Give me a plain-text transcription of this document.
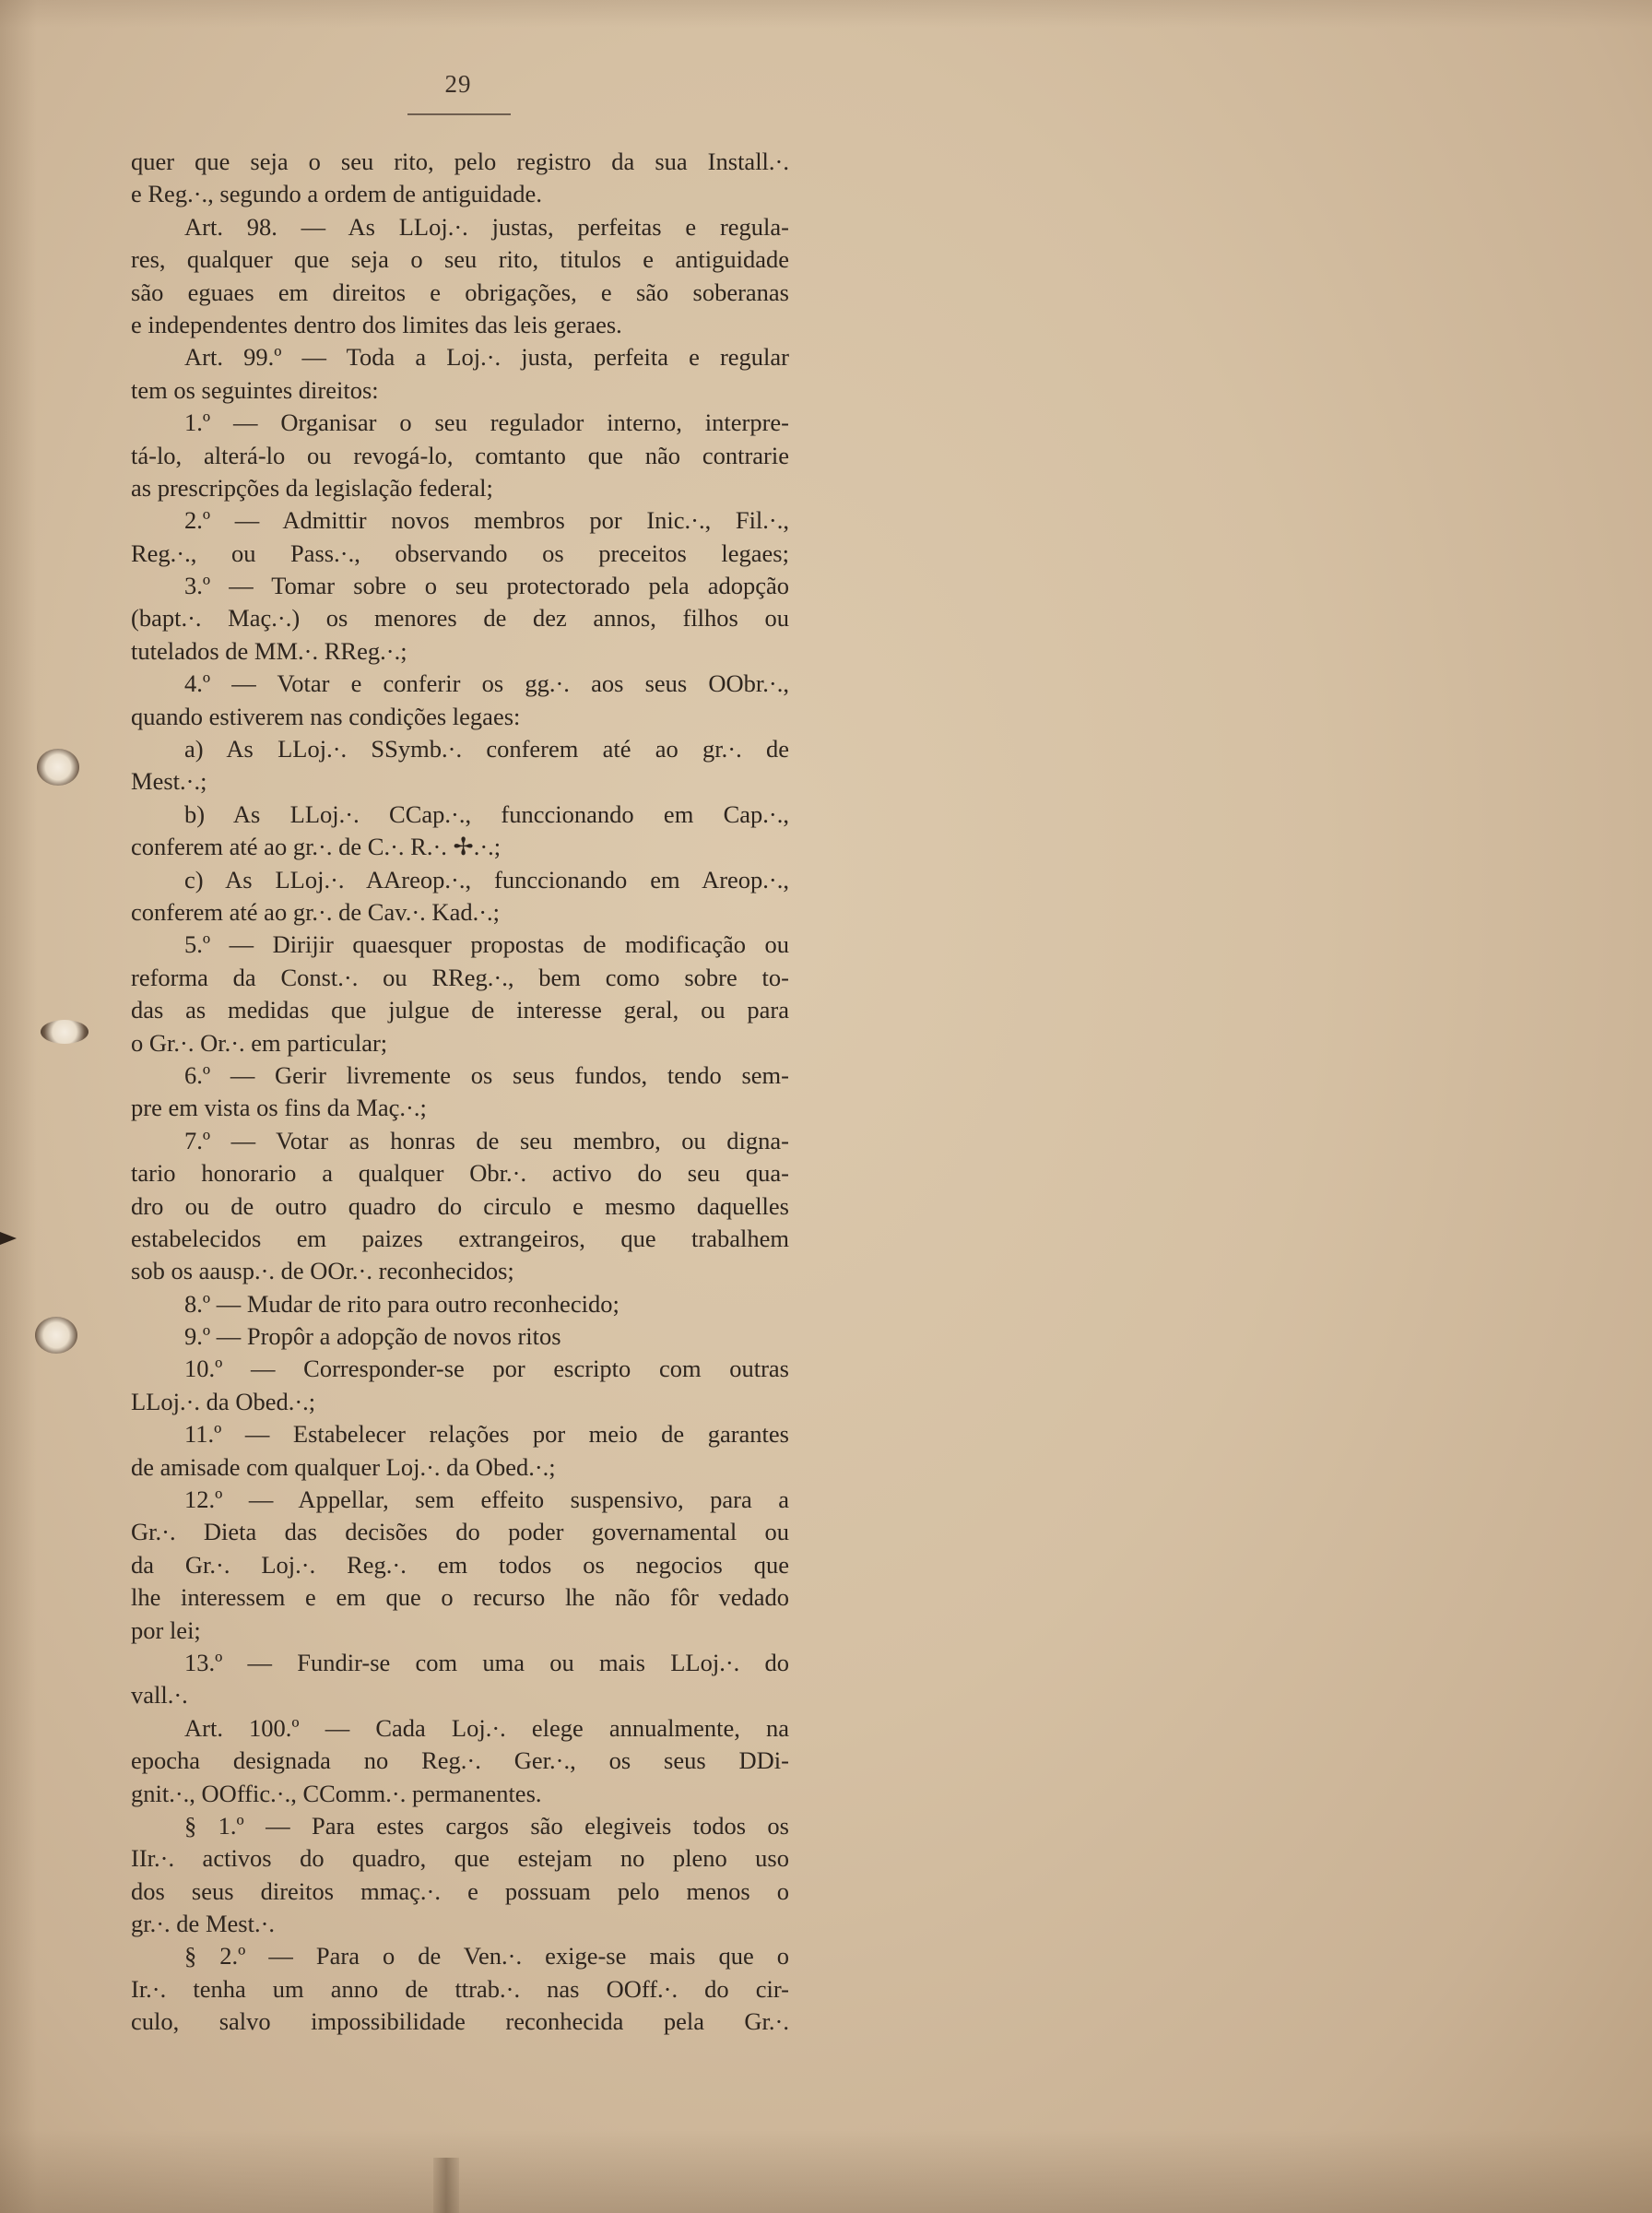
29
quer que seja o seu rito, pelo registro da sua Install.·.
e Reg.·., segundo a ordem de antiguidade.
Art. 98. — As LLoj.·. justas, perfeitas e regula-
res, qualquer que seja o seu rito, titulos e antiguidade
são eguaes em direitos e obrigações, e são soberanas
e independentes dentro dos limites das leis geraes.
Art. 99.º — Toda a Loj.·. justa, perfeita e regular
tem os seguintes direitos:
1.º — Organisar o seu regulador interno, interpre-
tá-lo, alterá-lo ou revogá-lo, comtanto que não contrarie
as prescripções da legislação federal;
2.º — Admittir novos membros por Inic.·., Fil.·.,
Reg.·., ou Pass.·., observando os preceitos legaes;
3.º — Tomar sobre o seu protectorado pela adopção
(bapt.·. Maç.·.) os menores de dez annos, filhos ou
tutelados de MM.·. RReg.·.;
4.º — Votar e conferir os gg.·. aos seus OObr.·.,
quando estiverem nas condições legaes:
a) As LLoj.·. SSymb.·. conferem até ao gr.·. de
Mest.·.;
b) As LLoj.·. CCap.·., funccionando em Cap.·.,
conferem até ao gr.·. de C.·. R.·. ✢.·.;
c) As LLoj.·. AAreop.·., funccionando em Areop.·.,
conferem até ao gr.·. de Cav.·. Kad.·.;
5.º — Dirijir quaesquer propostas de modificação ou
reforma da Const.·. ou RReg.·., bem como sobre to-
das as medidas que julgue de interesse geral, ou para
o Gr.·. Or.·. em particular;
6.º — Gerir livremente os seus fundos, tendo sem-
pre em vista os fins da Maç.·.;
7.º — Votar as honras de seu membro, ou digna-
tario honorario a qualquer Obr.·. activo do seu qua-
dro ou de outro quadro do circulo e mesmo daquelles
estabelecidos em paizes extrangeiros, que trabalhem
sob os aausp.·. de OOr.·. reconhecidos;
8.º — Mudar de rito para outro reconhecido;
9.º — Propôr a adopção de novos ritos
10.º — Corresponder-se por escripto com outras
LLoj.·. da Obed.·.;
11.º — Estabelecer relações por meio de garantes
de amisade com qualquer Loj.·. da Obed.·.;
12.º — Appellar, sem effeito suspensivo, para a
Gr.·. Dieta das decisões do poder governamental ou
da Gr.·. Loj.·. Reg.·. em todos os negocios que
lhe interessem e em que o recurso lhe não fôr vedado
por lei;
13.º — Fundir-se com uma ou mais LLoj.·. do
vall.·.
Art. 100.º — Cada Loj.·. elege annualmente, na
epocha designada no Reg.·. Ger.·., os seus DDi-
gnit.·., OOffic.·., CComm.·. permanentes.
§ 1.º — Para estes cargos são elegiveis todos os
IIr.·. activos do quadro, que estejam no pleno uso
dos seus direitos mmaç.·. e possuam pelo menos o
gr.·. de Mest.·.
§ 2.º — Para o de Ven.·. exige-se mais que o
Ir.·. tenha um anno de ttrab.·. nas OOff.·. do cir-
culo, salvo impossibilidade reconhecida pela Gr.·.
